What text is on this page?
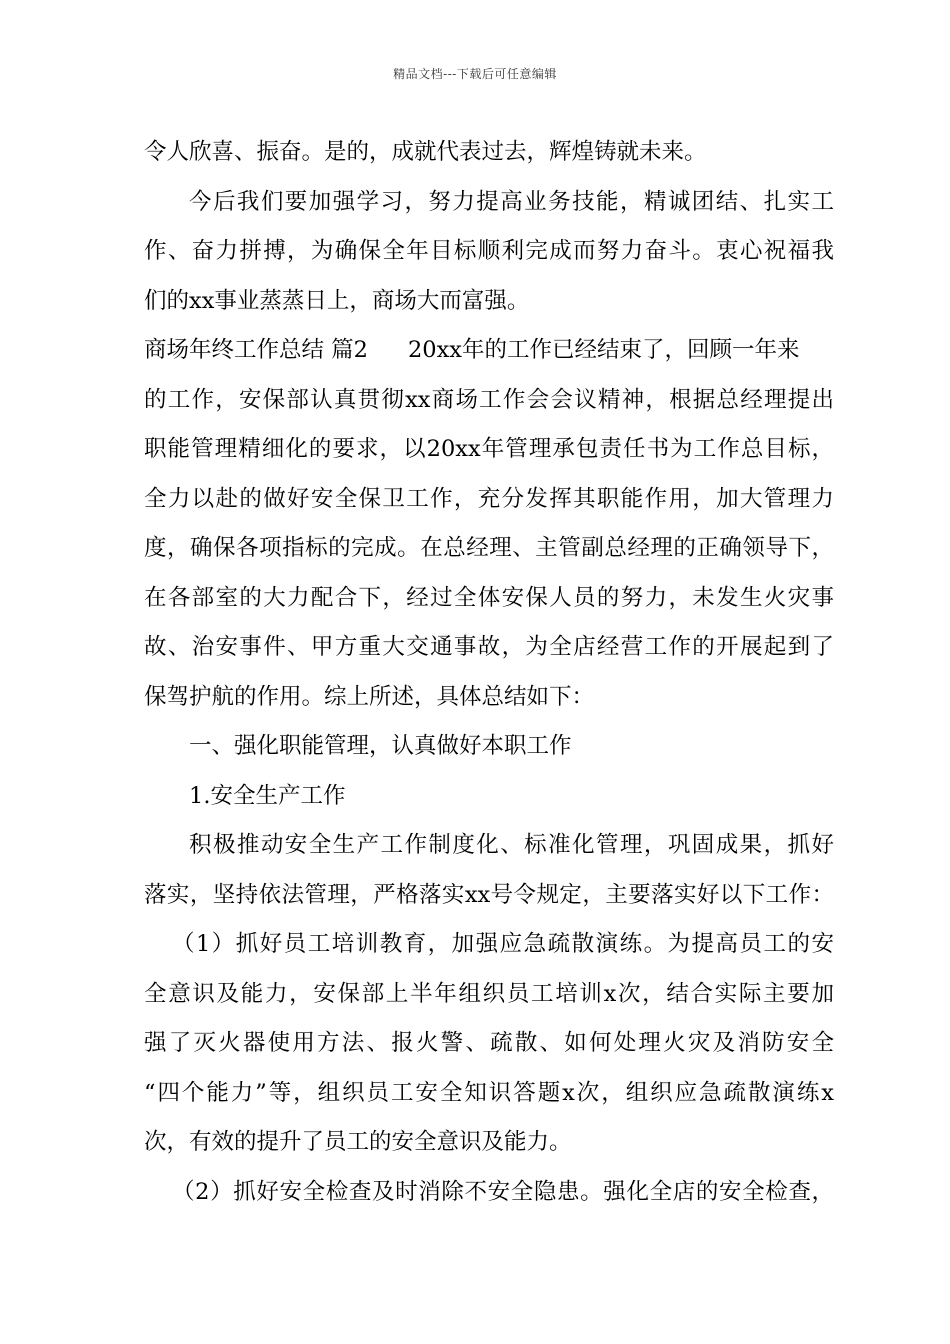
精品文档---下载后可任意编辑
令人欣喜、振奋。是的，成就代表过去，辉煌铸就未来。
今后我们要加强学习，努力提高业务技能，精诚团结、扎实工
作、奋力拼搏，为确保全年目标顺利完成而努力奋斗。衷心祝福我
们的xx事业蒸蒸日上，商场大而富强。
商场年终工作总结 篇2 20xx年的工作已经结束了，回顾一年来
的工作，安保部认真贯彻xx商场工作会会议精神，根据总经理提出
职能管理精细化的要求，以20xx年管理承包责任书为工作总目标，
全力以赴的做好安全保卫工作，充分发挥其职能作用，加大管理力
度，确保各项指标的完成。在总经理、主管副总经理的正确领导下，
在各部室的大力配合下，经过全体安保人员的努力，未发生火灾事
故、治安事件、甲方重大交通事故，为全店经营工作的开展起到了
保驾护航的作用。综上所述，具体总结如下：
一、强化职能管理，认真做好本职工作
1.安全生产工作
积极推动安全生产工作制度化、标准化管理，巩固成果，抓好
落实，坚持依法管理，严格落实xx号令规定，主要落实好以下工作：
（1）抓好员工培训教育，加强应急疏散演练。为提高员工的安
全意识及能力，安保部上半年组织员工培训x次，结合实际主要加
强了灭火器使用方法、报火警、疏散、如何处理火灾及消防安全
“四个能力”等，组织员工安全知识答题x次，组织应急疏散演练x
次，有效的提升了员工的安全意识及能力。
（2）抓好安全检查及时消除不安全隐患。强化全店的安全检查，
